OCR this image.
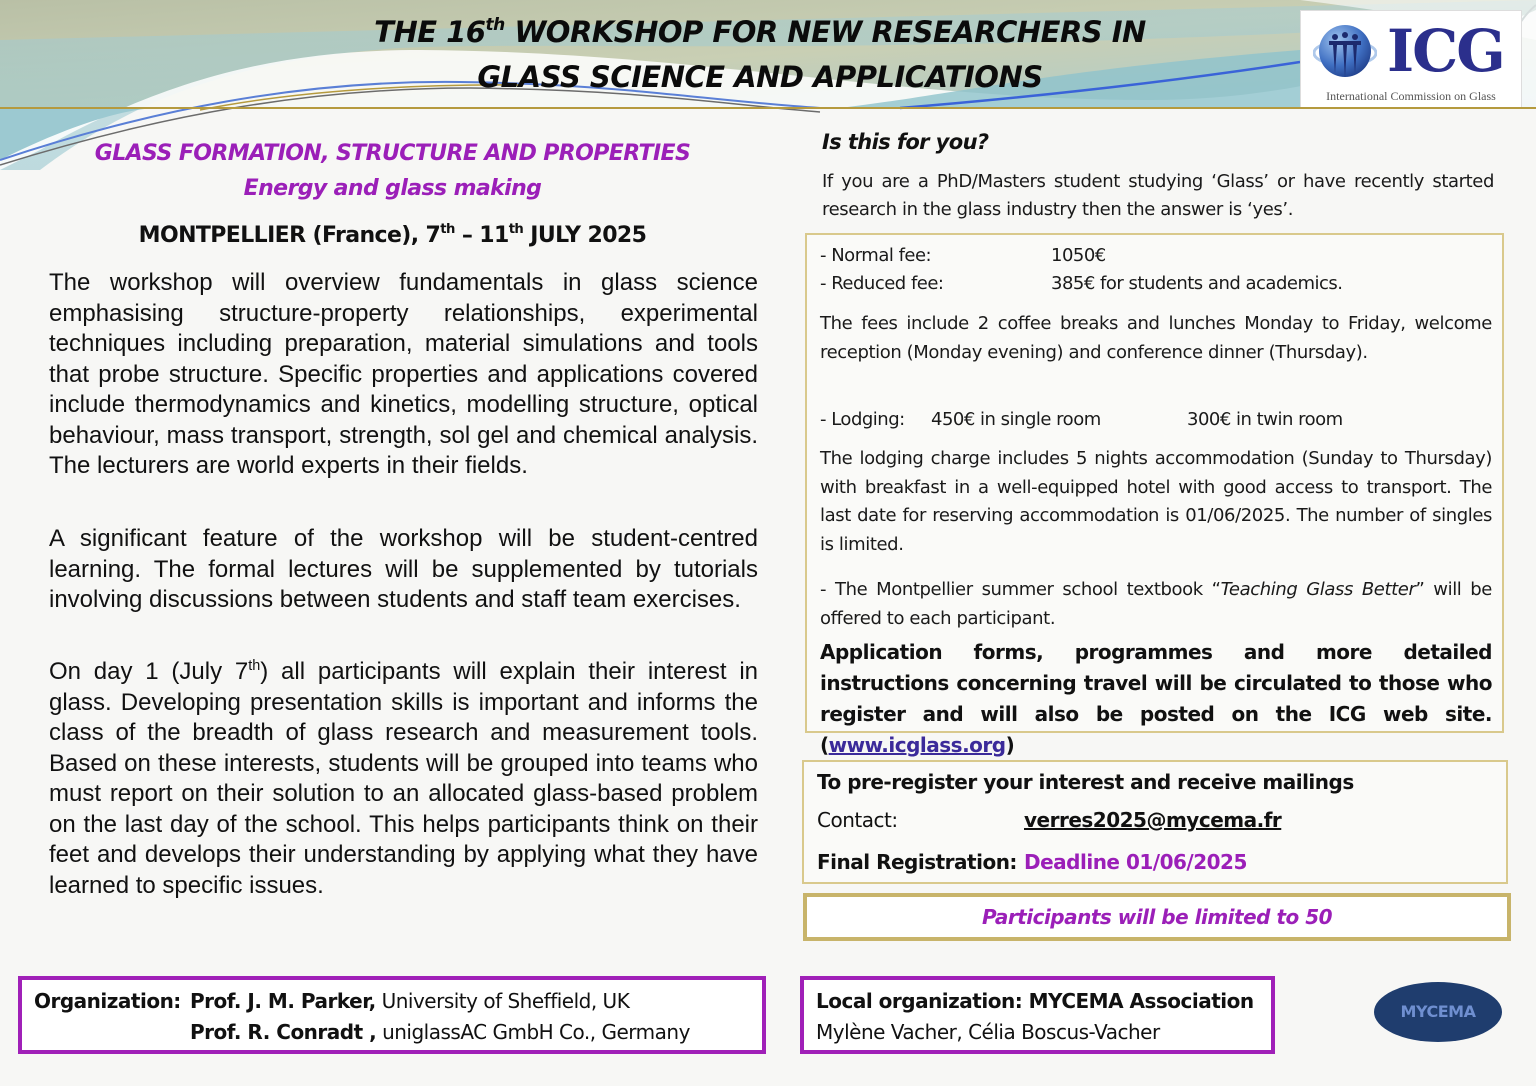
THE 16th WORKSHOP FOR NEW RESEARCHERS IN
GLASS SCIENCE AND APPLICATIONS	ICG
International Commission on Glass
GLASS FORMATION, STRUCTURE AND PROPERTIES
Energy and glass making
MONTPELLIER (France), 7th – 11th JULY 2025

The workshop will overview fundamentals in glass science emphasising structure-property relationships, experimental techniques including preparation, material simulations and tools that probe structure. Specific properties and applications covered include thermodynamics and kinetics, modelling structure, optical behaviour, mass transport, strength, sol gel and chemical analysis. The lecturers are world experts in their fields.

A significant feature of the workshop will be student-centred learning. The formal lectures will be supplemented by tutorials involving discussions between students and staff team exercises.

On day 1 (July 7th) all participants will explain their interest in glass. Developing presentation skills is important and informs the class of the breadth of glass research and measurement tools. Based on these interests, students will be grouped into teams who must report on their solution to an allocated glass-based problem on the last day of the school. This helps participants think on their feet and develops their understanding by applying what they have learned to specific issues.

Is this for you?
If you are a PhD/Masters student studying ‘Glass’ or have recently started research in the glass industry then the answer is ‘yes’.
- Normal fee:	1050€
- Reduced fee:	385€ for students and academics.
The fees include 2 coffee breaks and lunches Monday to Friday, welcome reception (Monday evening) and conference dinner (Thursday).
- Lodging: 450€ in single room	300€ in twin room
The lodging charge includes 5 nights accommodation (Sunday to Thursday) with breakfast in a well-equipped hotel with good access to transport. The last date for reserving accommodation is 01/06/2025. The number of singles is limited.
- The Montpellier summer school textbook “Teaching Glass Better” will be offered to each participant.
Application forms, programmes and more detailed instructions concerning travel will be circulated to those who register and will also be posted on the ICG web site. (www.icglass.org)
To pre-register your interest and receive mailings
Contact:	verres2025@mycema.fr
Final Registration: Deadline 01/06/2025
Participants will be limited to 50
Organization: Prof. J. M. Parker, University of Sheffield, UK
Prof. R. Conradt , uniglassAC GmbH Co., Germany
Local organization: MYCEMA Association
Mylène Vacher, Célia Boscus-Vacher
MYCEMA
